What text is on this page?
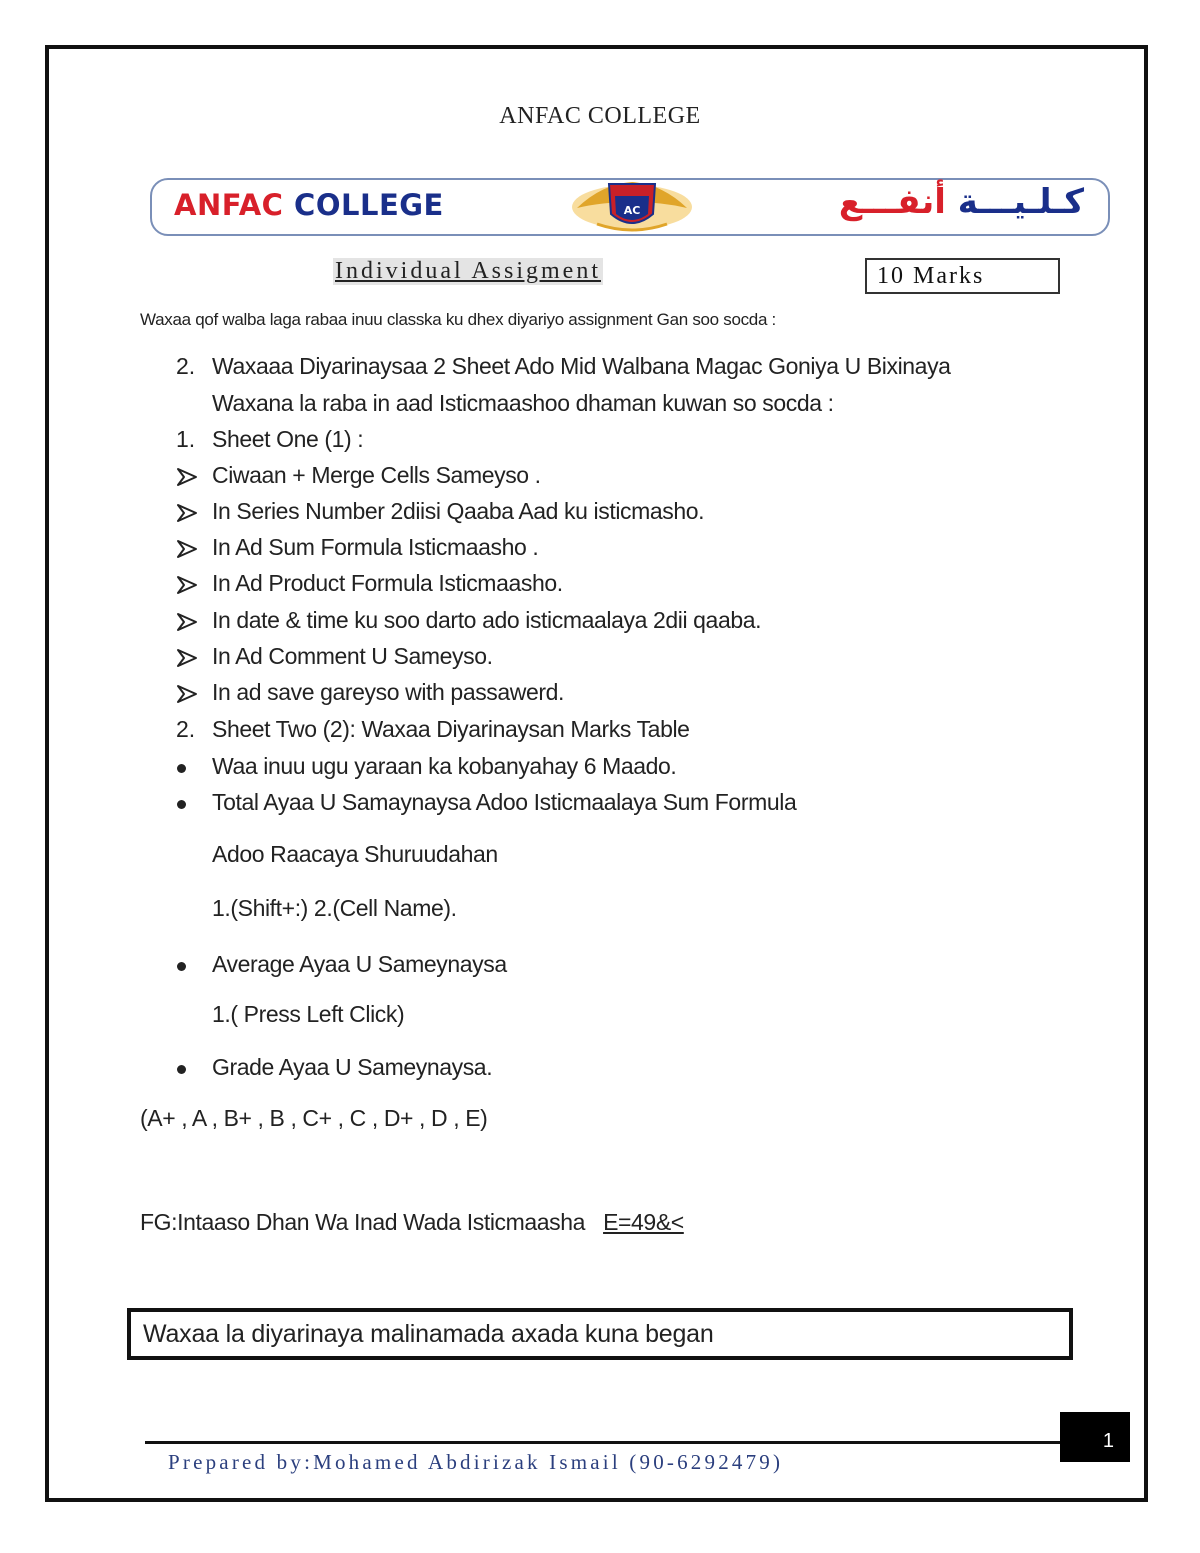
ANFAC COLLEGE
ANFAC COLLEGE	AC	كـلـيـــة أنفـــع
Individual Assigment	10 Marks
Waxaa qof walba laga rabaa inuu classka ku dhex diyariyo assignment Gan soo socda :
2. Waxaaa Diyarinaysaa 2 Sheet Ado Mid Walbana Magac Goniya U Bixinaya
Waxana la raba in aad Isticmaashoo dhaman kuwan so socda :
1. Sheet One (1) :
Ciwaan + Merge Cells Sameyso .
In Series Number 2diisi Qaaba Aad ku isticmasho.
In Ad Sum Formula Isticmaasho .
In Ad Product Formula Isticmaasho.
In date & time ku soo darto ado isticmaalaya 2dii qaaba.
In Ad Comment U Sameyso.
In ad save gareyso with passawerd.
2. Sheet Two (2): Waxaa Diyarinaysan Marks Table
Waa inuu ugu yaraan ka kobanyahay 6 Maado.
Total Ayaa U Samaynaysa Adoo Isticmaalaya Sum Formula
Adoo Raacaya Shuruudahan
1.(Shift+:) 2.(Cell Name).
Average Ayaa U Sameynaysa
1.( Press Left Click)
Grade Ayaa U Sameynaysa.
(A+ , A , B+ , B , C+ , C , D+ , D , E)
FG:Intaaso Dhan Wa Inad Wada Isticmaasha E=49&<
Waxaa la diyarinaya malinamada axada kuna began
1
Prepared by:Mohamed Abdirizak Ismail (90-6292479)
